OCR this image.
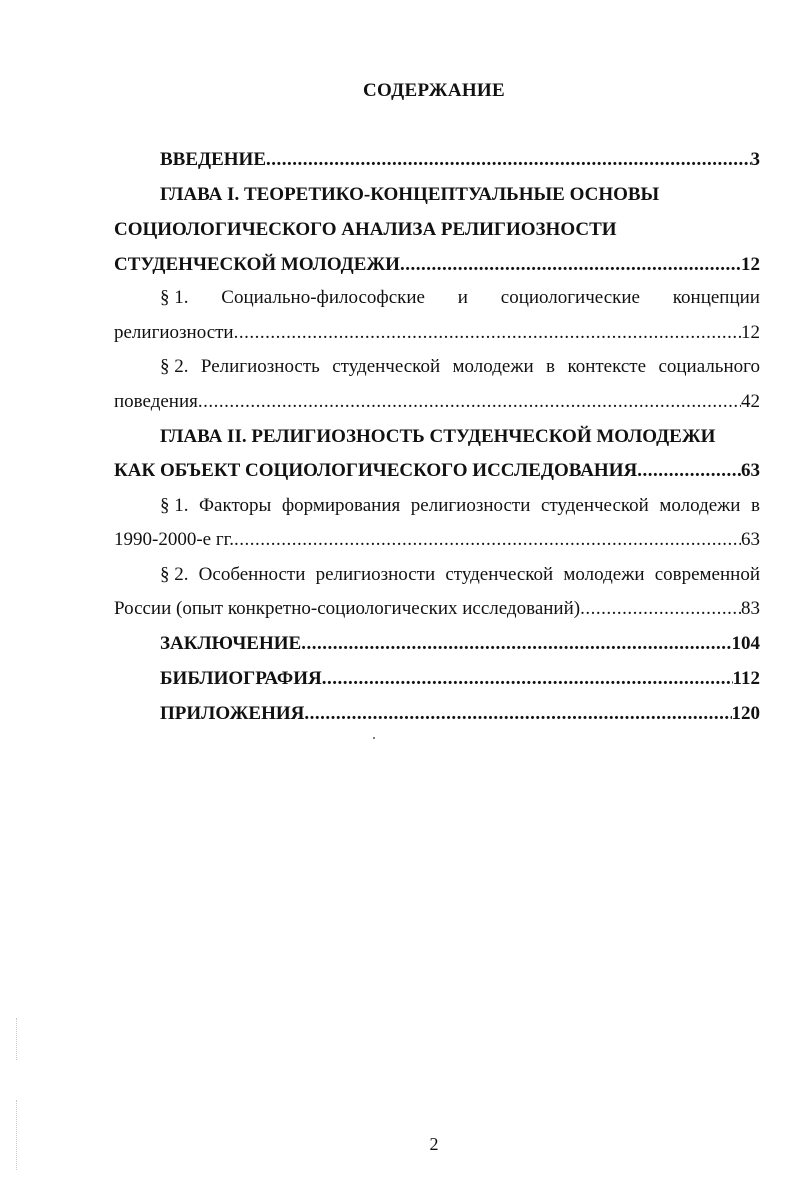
СОДЕРЖАНИЕ
ВВЕДЕНИЕ .....	3
ГЛАВА I. ТЕОРЕТИКО-КОНЦЕПТУАЛЬНЫЕ ОСНОВЫ
СОЦИОЛОГИЧЕСКОГО АНАЛИЗА РЕЛИГИОЗНОСТИ
СТУДЕНЧЕСКОЙ МОЛОДЕЖИ .....	12
§ 1. Социально-философские и социологические концепции
религиозности .....	12
§ 2. Религиозность студенческой молодежи в контексте социального
поведения .....	42
ГЛАВА II. РЕЛИГИОЗНОСТЬ СТУДЕНЧЕСКОЙ МОЛОДЕЖИ
КАК ОБЪЕКТ СОЦИОЛОГИЧЕСКОГО ИССЛЕДОВАНИЯ .....	63
§ 1. Факторы формирования религиозности студенческой молодежи в
1990-2000-е гг. .....	63
§ 2. Особенности религиозности студенческой молодежи современной
России (опыт конкретно-социологических исследований) .....	83
ЗАКЛЮЧЕНИЕ .....	104
БИБЛИОГРАФИЯ .....	112
ПРИЛОЖЕНИЯ .....	120
2
